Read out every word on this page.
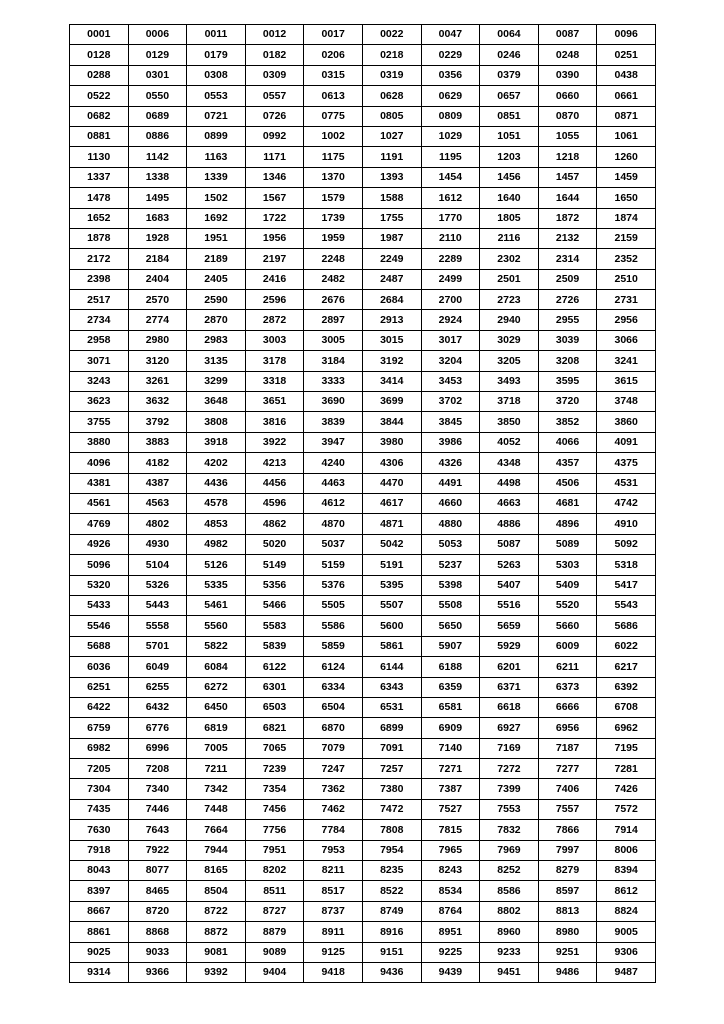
0001	0006	0011	0012	0017	0022	0047	0064	0087	0096
0128	0129	0179	0182	0206	0218	0229	0246	0248	0251
0288	0301	0308	0309	0315	0319	0356	0379	0390	0438
0522	0550	0553	0557	0613	0628	0629	0657	0660	0661
0682	0689	0721	0726	0775	0805	0809	0851	0870	0871
0881	0886	0899	0992	1002	1027	1029	1051	1055	1061
1130	1142	1163	1171	1175	1191	1195	1203	1218	1260
1337	1338	1339	1346	1370	1393	1454	1456	1457	1459
1478	1495	1502	1567	1579	1588	1612	1640	1644	1650
1652	1683	1692	1722	1739	1755	1770	1805	1872	1874
1878	1928	1951	1956	1959	1987	2110	2116	2132	2159
2172	2184	2189	2197	2248	2249	2289	2302	2314	2352
2398	2404	2405	2416	2482	2487	2499	2501	2509	2510
2517	2570	2590	2596	2676	2684	2700	2723	2726	2731
2734	2774	2870	2872	2897	2913	2924	2940	2955	2956
2958	2980	2983	3003	3005	3015	3017	3029	3039	3066
3071	3120	3135	3178	3184	3192	3204	3205	3208	3241
3243	3261	3299	3318	3333	3414	3453	3493	3595	3615
3623	3632	3648	3651	3690	3699	3702	3718	3720	3748
3755	3792	3808	3816	3839	3844	3845	3850	3852	3860
3880	3883	3918	3922	3947	3980	3986	4052	4066	4091
4096	4182	4202	4213	4240	4306	4326	4348	4357	4375
4381	4387	4436	4456	4463	4470	4491	4498	4506	4531
4561	4563	4578	4596	4612	4617	4660	4663	4681	4742
4769	4802	4853	4862	4870	4871	4880	4886	4896	4910
4926	4930	4982	5020	5037	5042	5053	5087	5089	5092
5096	5104	5126	5149	5159	5191	5237	5263	5303	5318
5320	5326	5335	5356	5376	5395	5398	5407	5409	5417
5433	5443	5461	5466	5505	5507	5508	5516	5520	5543
5546	5558	5560	5583	5586	5600	5650	5659	5660	5686
5688	5701	5822	5839	5859	5861	5907	5929	6009	6022
6036	6049	6084	6122	6124	6144	6188	6201	6211	6217
6251	6255	6272	6301	6334	6343	6359	6371	6373	6392
6422	6432	6450	6503	6504	6531	6581	6618	6666	6708
6759	6776	6819	6821	6870	6899	6909	6927	6956	6962
6982	6996	7005	7065	7079	7091	7140	7169	7187	7195
7205	7208	7211	7239	7247	7257	7271	7272	7277	7281
7304	7340	7342	7354	7362	7380	7387	7399	7406	7426
7435	7446	7448	7456	7462	7472	7527	7553	7557	7572
7630	7643	7664	7756	7784	7808	7815	7832	7866	7914
7918	7922	7944	7951	7953	7954	7965	7969	7997	8006
8043	8077	8165	8202	8211	8235	8243	8252	8279	8394
8397	8465	8504	8511	8517	8522	8534	8586	8597	8612
8667	8720	8722	8727	8737	8749	8764	8802	8813	8824
8861	8868	8872	8879	8911	8916	8951	8960	8980	9005
9025	9033	9081	9089	9125	9151	9225	9233	9251	9306
9314	9366	9392	9404	9418	9436	9439	9451	9486	9487
